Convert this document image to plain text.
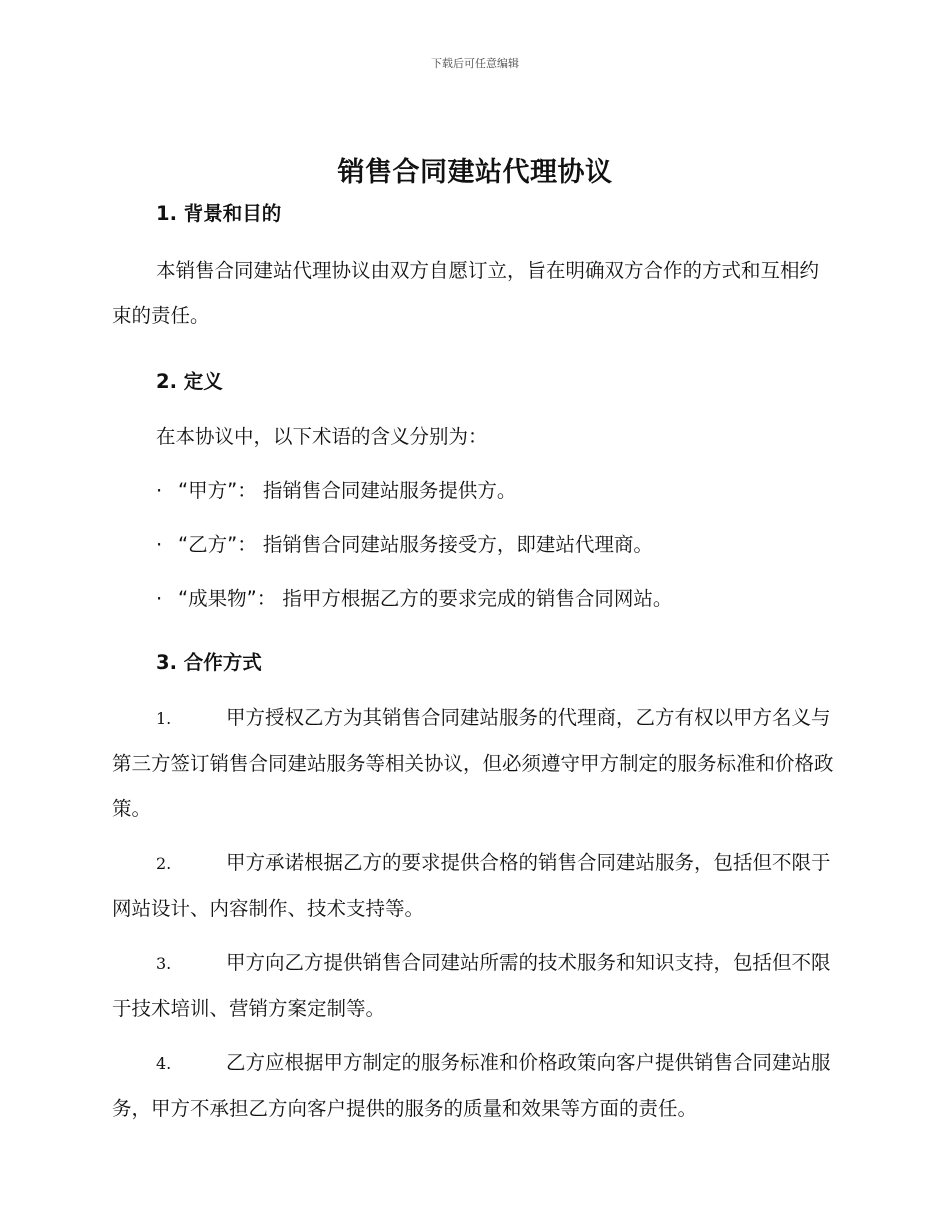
下载后可任意编辑
销售合同建站代理协议
1. 背景和目的

本销售合同建站代理协议由双方自愿订立，旨在明确双方合作的方式和互相约束的责任。

2. 定义

在本协议中，以下术语的含义分别为：

· “甲方”： 指销售合同建站服务提供方。
· “乙方”： 指销售合同建站服务接受方，即建站代理商。
· “成果物”： 指甲方根据乙方的要求完成的销售合同网站。
3. 合作方式

1.	甲方授权乙方为其销售合同建站服务的代理商，乙方有权以甲方名义与第三方签订销售合同建站服务等相关协议，但必须遵守甲方制定的服务标准和价格政策。

2.	甲方承诺根据乙方的要求提供合格的销售合同建站服务，包括但不限于网站设计、内容制作、技术支持等。

3.	甲方向乙方提供销售合同建站所需的技术服务和知识支持，包括但不限于技术培训、营销方案定制等。

4.	乙方应根据甲方制定的服务标准和价格政策向客户提供销售合同建站服务，甲方不承担乙方向客户提供的服务的质量和效果等方面的责任。
